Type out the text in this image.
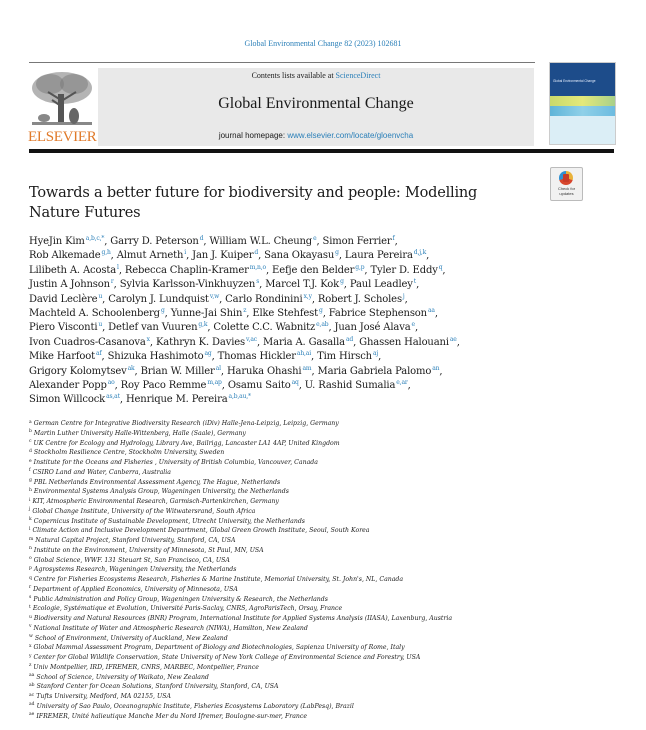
Global Environmental Change 82 (2023) 102681
ELSEVIER
Contents lists available at ScienceDirect
Global Environmental Change
journal homepage: www.elsevier.com/locate/gloenvcha
Global Environmental Change
Check for
updates
Towards a better future for biodiversity and people: Modelling
Nature Futures
HyeJin Kim$^{a,b,c,*}$, Garry D. Peterson$^d$, William W.L. Cheung$^e$, Simon Ferrier$^f$,
Rob Alkemade$^{g,h}$, Almut Arneth$^i$, Jan J. Kuiper$^d$, Sana Okayasu$^g$, Laura Pereira$^{d,j,k}$,
Lilibeth A. Acosta$^l$, Rebecca Chaplin-Kramer$^{m,n,o}$, Eefje den Belder$^{g,p}$, Tyler D. Eddy$^q$,
Justin A Johnson$^r$, Sylvia Karlsson-Vinkhuyzen$^s$, Marcel T.J. Kok$^g$, Paul Leadley$^t$,
David Leclère$^u$, Carolyn J. Lundquist$^{v,w}$, Carlo Rondinini$^{x,y}$, Robert J. Scholes$^j$,
Machteld A. Schoolenberg$^g$, Yunne-Jai Shin$^z$, Elke Stehfest$^g$, Fabrice Stephenson$^{aa}$,
Piero Visconti$^u$, Detlef van Vuuren$^{g,k}$, Colette C.C. Wabnitz$^{e,ab}$, Juan José Alava$^e$,
Ivon Cuadros-Casanova$^x$, Kathryn K. Davies$^{v,ac}$, Maria A. Gasalla$^{ad}$, Ghassen Halouani$^{ae}$,
Mike Harfoot$^{af}$, Shizuka Hashimoto$^{ag}$, Thomas Hickler$^{ah,ai}$, Tim Hirsch$^{aj}$,
Grigory Kolomytsev$^{ak}$, Brian W. Miller$^{al}$, Haruka Ohashi$^{am}$, Maria Gabriela Palomo$^{an}$,
Alexander Popp$^{ao}$, Roy Paco Remme$^{m,ap}$, Osamu Saito$^{aq}$, U. Rashid Sumalia$^{e,ar}$,
Simon Willcock$^{as,at}$, Henrique M. Pereira$^{a,b,au,*}$
$^a$ German Centre for Integrative Biodiversity Research (iDiv) Halle-Jena-Leipzig, Leipzig, Germany
$^b$ Martin Luther University Halle-Wittenberg, Halle (Saale), Germany
$^c$ UK Centre for Ecology and Hydrology, Library Ave, Bailrigg, Lancaster LA1 4AP, United Kingdom
$^d$ Stockholm Resilience Centre, Stockholm University, Sweden
$^e$ Institute for the Oceans and Fisheries , University of British Columbia, Vancouver, Canada
$^f$ CSIRO Land and Water, Canberra, Australia
$^g$ PBL Netherlands Environmental Assessment Agency, The Hague, Netherlands
$^h$ Environmental Systems Analysis Group, Wageningen University, the Netherlands
$^i$ KIT, Atmospheric Environmental Research, Garmisch-Partenkirchen, Germany
$^j$ Global Change Institute, University of the Witwatersrand, South Africa
$^k$ Copernicus Institute of Sustainable Development, Utrecht University, the Netherlands
$^l$ Climate Action and Inclusive Development Department, Global Green Growth Institute, Seoul, South Korea
$^m$ Natural Capital Project, Stanford University, Stanford, CA, USA
$^n$ Institute on the Environment, University of Minnesota, St Paul, MN, USA
$^o$ Global Science, WWF. 131 Steuart St, San Francisco, CA, USA
$^p$ Agrosystems Research, Wageningen University, the Netherlands
$^q$ Centre for Fisheries Ecosystems Research, Fisheries & Marine Institute, Memorial University, St. John's, NL, Canada
$^r$ Department of Applied Economics, University of Minnesota, USA
$^s$ Public Administration and Policy Group, Wageningen University & Research, the Netherlands
$^t$ Ecologie, Systématique et Evolution, Université Paris-Saclay, CNRS, AgroParisTech, Orsay, France
$^u$ Biodiversity and Natural Resources (BNR) Program, International Institute for Applied Systems Analysis (IIASA), Laxenburg, Austria
$^v$ National Institute of Water and Atmospheric Research (NIWA), Hamilton, New Zealand
$^w$ School of Environment, University of Auckland, New Zealand
$^x$ Global Mammal Assessment Program, Department of Biology and Biotechnologies, Sapienza University of Rome, Italy
$^y$ Center for Global Wildlife Conservation, State University of New York College of Environmental Science and Forestry, USA
$^z$ Univ Montpellier, IRD, IFREMER, CNRS, MARBEC, Montpellier, France
$^{aa}$ School of Science, University of Waikato, New Zealand
$^{ab}$ Stanford Center for Ocean Solutions, Stanford University, Stanford, CA, USA
$^{ac}$ Tufts University, Medford, MA 02155, USA
$^{ad}$ University of Sao Paulo, Oceanographic Institute, Fisheries Ecosystems Laboratory (LabPesq), Brazil
$^{ae}$ IFREMER, Unité halieutique Manche Mer du Nord Ifremer, Boulogne-sur-mer, France
